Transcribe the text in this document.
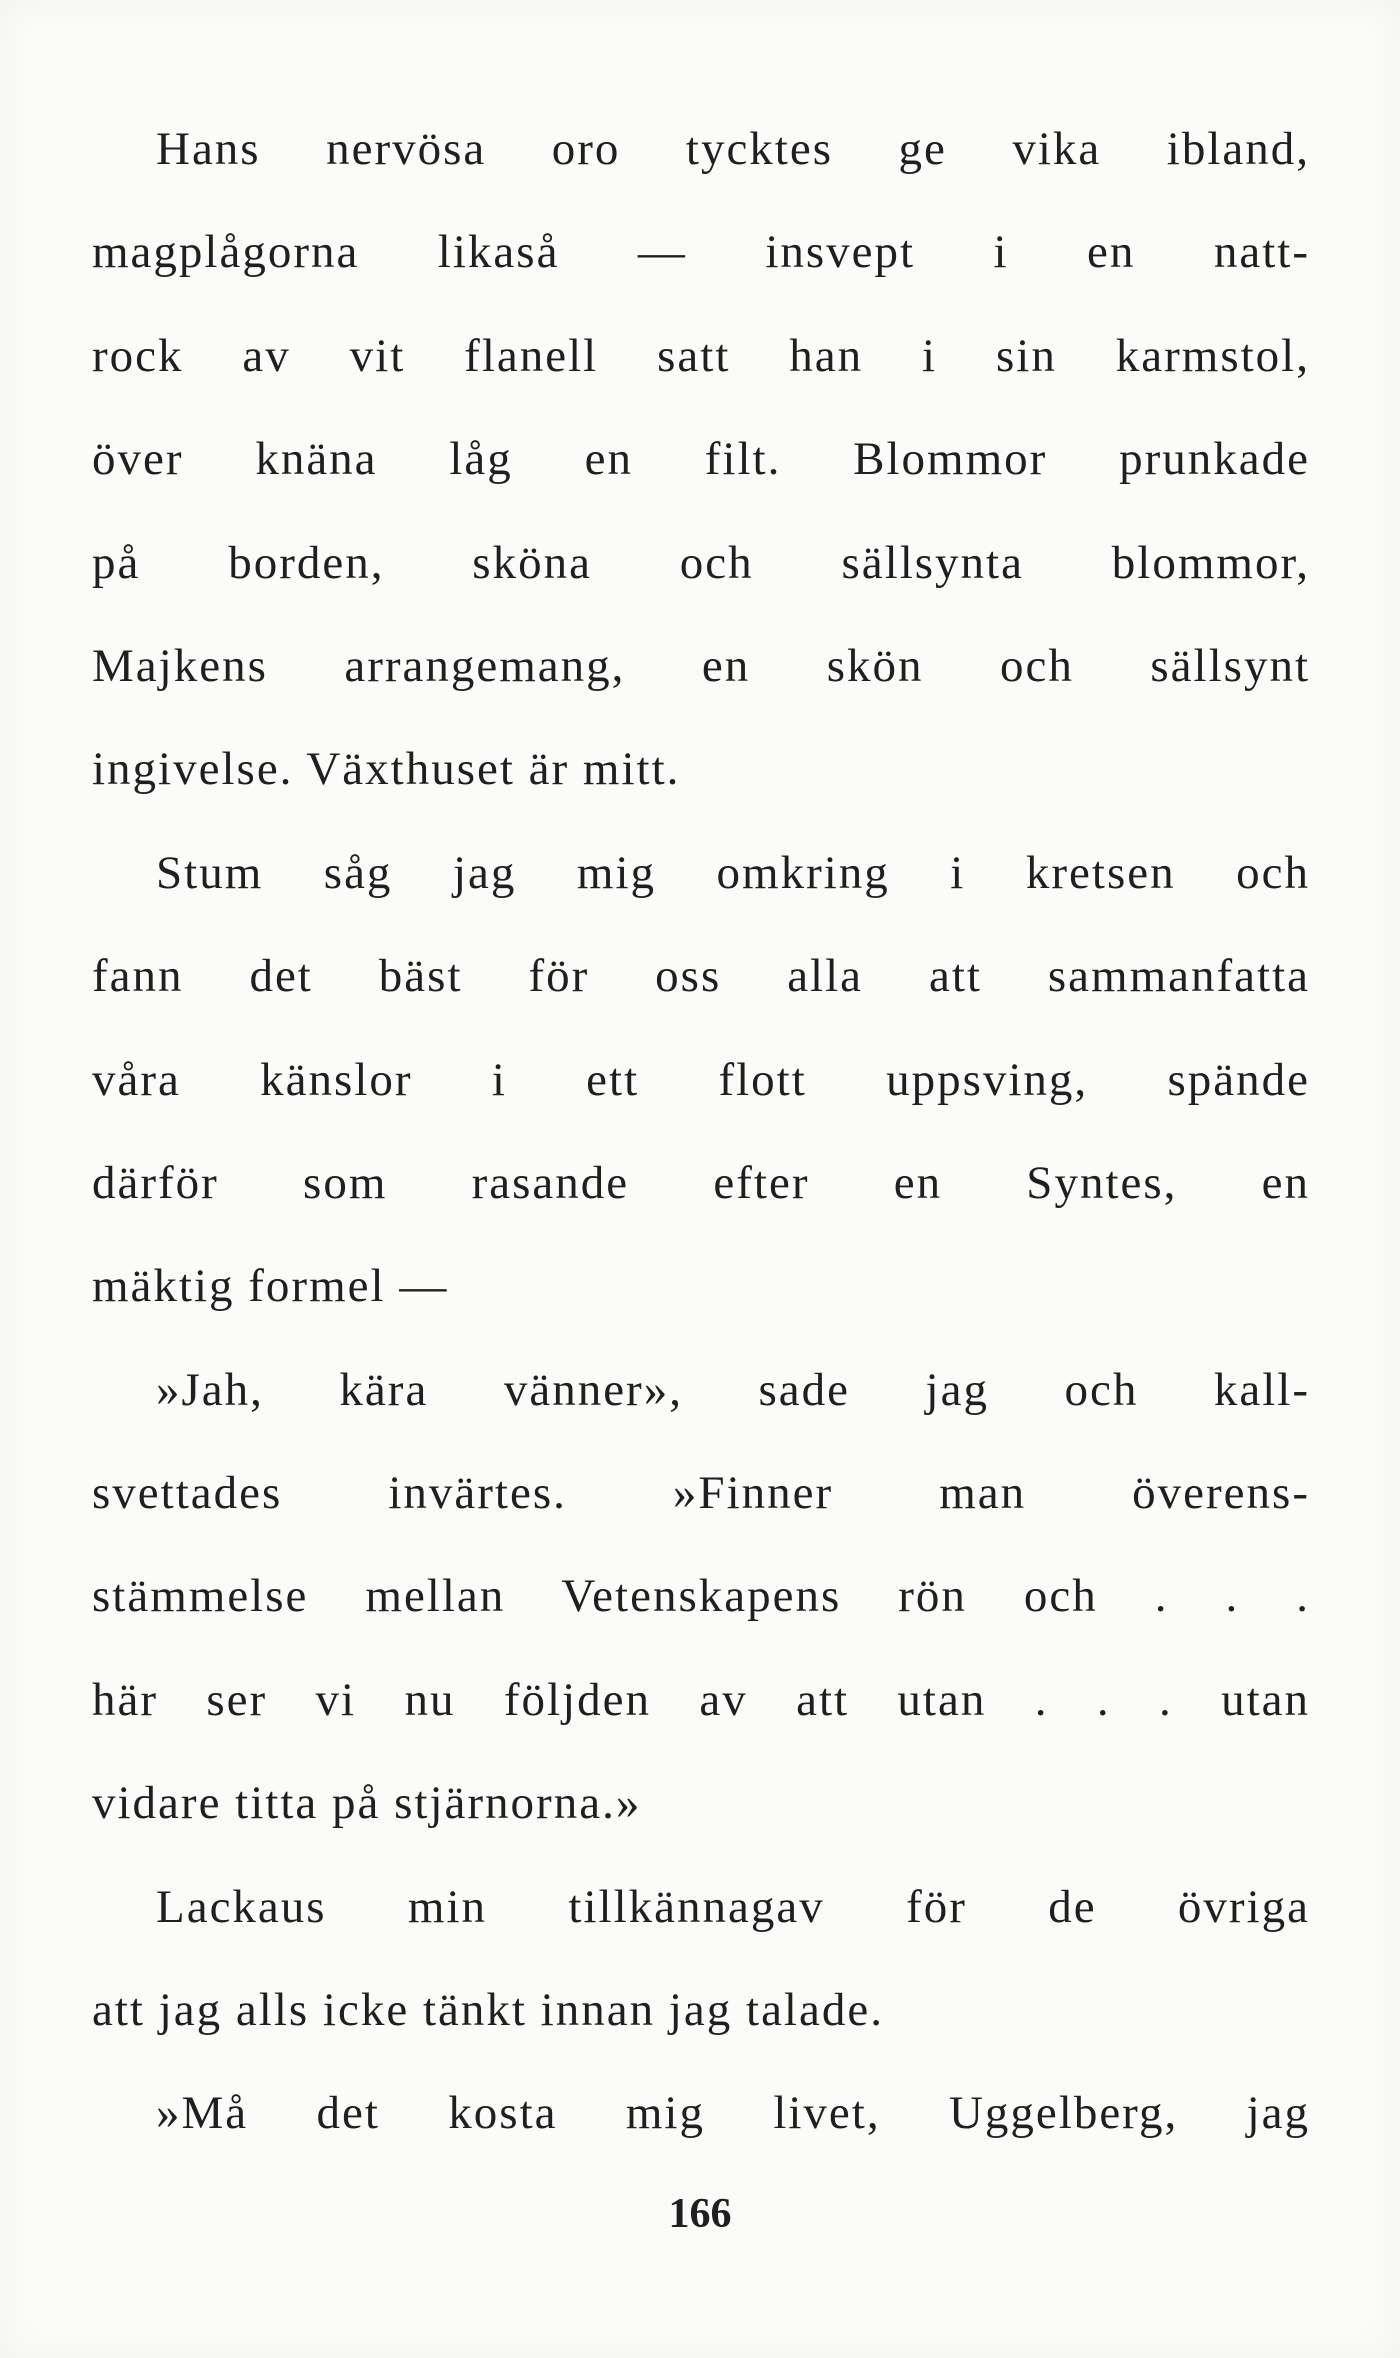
Hans nervösa oro tycktes ge vika ibland,
magplågorna likaså — insvept i en natt-
rock av vit flanell satt han i sin karmstol,
över knäna låg en filt. Blommor prunkade
på borden, sköna och sällsynta blommor,
Majkens arrangemang, en skön och sällsynt
ingivelse. Växthuset är mitt.
Stum såg jag mig omkring i kretsen och
fann det bäst för oss alla att sammanfatta
våra känslor i ett flott uppsving, spände
därför som rasande efter en Syntes, en
mäktig formel —
»Jah, kära vänner», sade jag och kall-
svettades invärtes. »Finner man överens-
stämmelse mellan Vetenskapens rön och . . .
här ser vi nu följden av att utan . . . utan
vidare titta på stjärnorna.»
Lackaus min tillkännagav för de övriga
att jag alls icke tänkt innan jag talade.
»Må det kosta mig livet, Uggelberg, jag
166
